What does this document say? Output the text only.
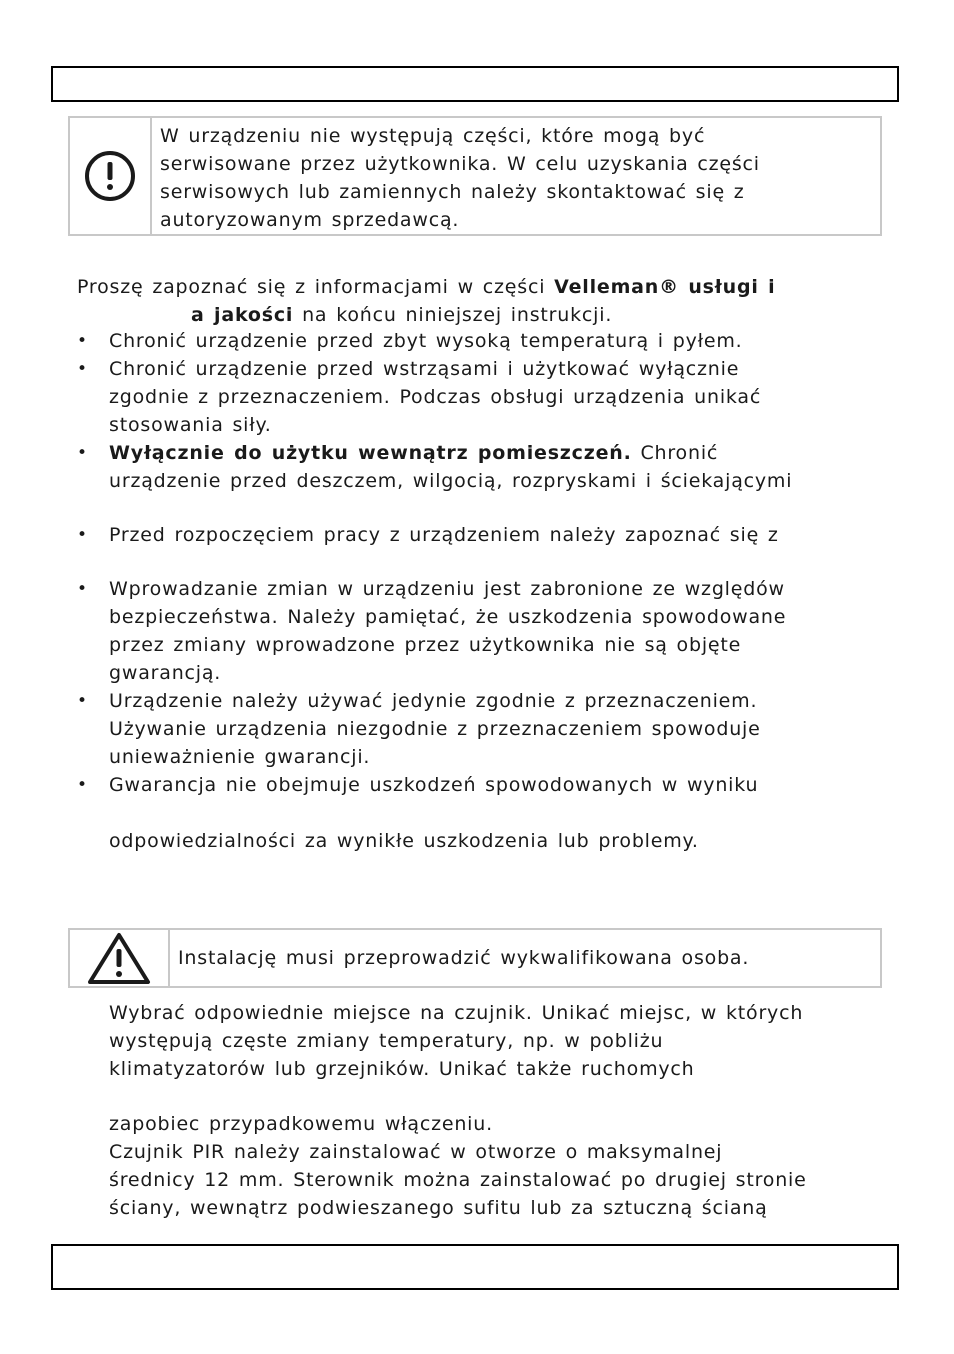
W urządzeniu nie występują części, które mogą być
serwisowane przez użytkownika. W celu uzyskania części
serwisowych lub zamiennych należy skontaktować się z
autoryzowanym sprzedawcą.

Proszę zapoznać się z informacjami w części Velleman® usługi i

a jakości na końcu niniejszej instrukcji.

• Chronić urządzenie przed zbyt wysoką temperaturą i pyłem.
• Chronić urządzenie przed wstrząsami i użytkować wyłącznie
zgodnie z przeznaczeniem. Podczas obsługi urządzenia unikać
stosowania siły.
• Wyłącznie do użytku wewnątrz pomieszczeń. Chronić
urządzenie przed deszczem, wilgocią, rozpryskami i ściekającymi
• Przed rozpoczęciem pracy z urządzeniem należy zapoznać się z
• Wprowadzanie zmian w urządzeniu jest zabronione ze względów
bezpieczeństwa. Należy pamiętać, że uszkodzenia spowodowane
przez zmiany wprowadzone przez użytkownika nie są objęte
gwarancją.
• Urządzenie należy używać jedynie zgodnie z przeznaczeniem.
Używanie urządzenia niezgodnie z przeznaczeniem spowoduje
unieważnienie gwarancji.
• Gwarancja nie obejmuje uszkodzeń spowodowanych w wyniku
odpowiedzialności za wynikłe uszkodzenia lub problemy.
Instalację musi przeprowadzić wykwalifikowana osoba.
Wybrać odpowiednie miejsce na czujnik. Unikać miejsc, w których
występują częste zmiany temperatury, np. w pobliżu
klimatyzatorów lub grzejników. Unikać także ruchomych
zapobiec przypadkowemu włączeniu.
Czujnik PIR należy zainstalować w otworze o maksymalnej
średnicy 12 mm. Sterownik można zainstalować po drugiej stronie
ściany, wewnątrz podwieszanego sufitu lub za sztuczną ścianą
